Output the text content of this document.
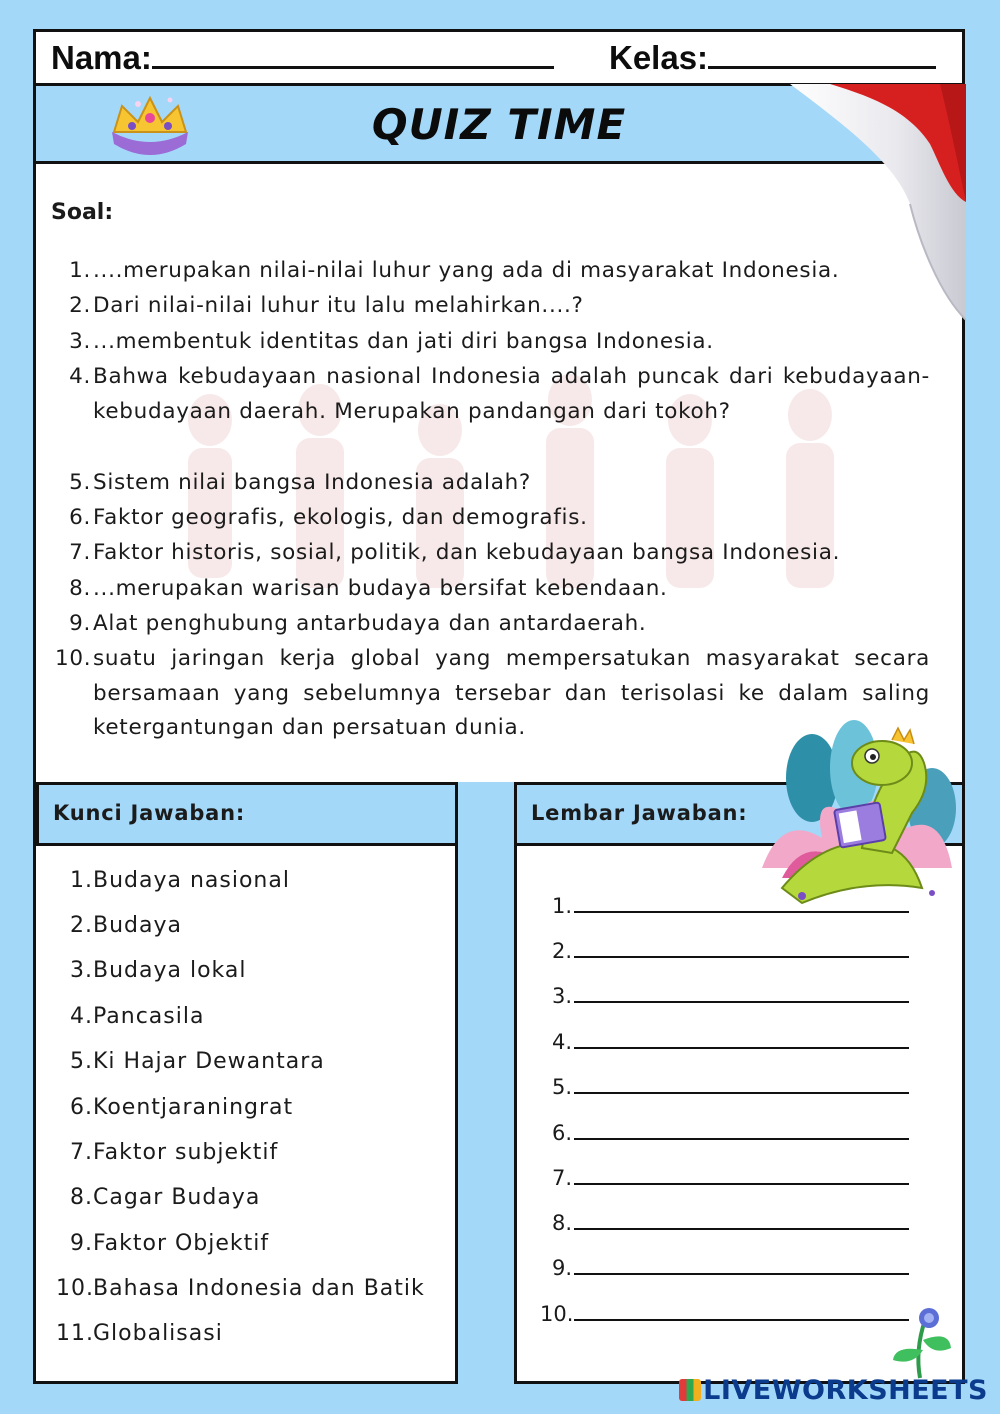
Nama:	Kelas:
QUIZ TIME
Soal:
1. ....merupakan nilai-nilai luhur yang ada di masyarakat Indonesia.
2. Dari nilai-nilai luhur itu lalu melahirkan....?
3. ...membentuk identitas dan jati diri bangsa Indonesia.
4. Bahwa kebudayaan nasional Indonesia adalah puncak dari kebudayaan-kebudayaan daerah. Merupakan pandangan dari tokoh?
5. Sistem nilai bangsa Indonesia adalah?
6. Faktor geografis, ekologis, dan demografis.
7. Faktor historis, sosial, politik, dan kebudayaan bangsa Indonesia.
8. ...merupakan warisan budaya bersifat kebendaan.
9. Alat penghubung antarbudaya dan antardaerah.
10. suatu jaringan kerja global yang mempersatukan masyarakat secara bersamaan yang sebelumnya tersebar dan terisolasi ke dalam saling ketergantungan dan persatuan dunia.
Kunci Jawaban:	Lembar Jawaban:
1.Budaya nasional
2.Budaya
3.Budaya lokal
4.Pancasila
5.Ki Hajar Dewantara
6.Koentjaraningrat
7.Faktor subjektif
8.Cagar Budaya
9.Faktor Objektif
10.Bahasa Indonesia dan Batik
11.Globalisasi
1.
2.
3.
4.
5.
6.
7.
8.
9.
10.
LIVEWORKSHEETS
